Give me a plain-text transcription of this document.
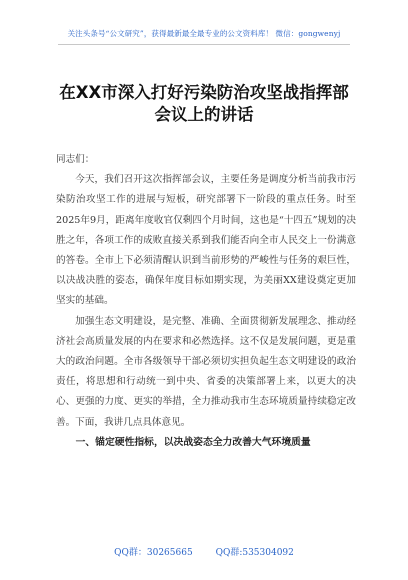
关注头条号“公文研究”，获得最新最全最专业的公文资料库！ 微信：gongwenyj
在XX市深入打好污染防治攻坚战指挥部
会议上的讲话

同志们：

今天，我们召开这次指挥部会议，主要任务是调度分析当前我市污染防治攻坚工作的进展与短板，研究部署下一阶段的重点任务。时至2025年9月，距离年度收官仅剩四个月时间，这也是“十四五”规划的决胜之年，各项工作的成败直接关系到我们能否向全市人民交上一份满意的答卷。全市上下必须清醒认识到当前形势的严峻性与任务的艰巨性，以决战决胜的姿态，确保年度目标如期实现，为美丽XX建设奠定更加坚实的基础。

加强生态文明建设，是完整、准确、全面贯彻新发展理念、推动经济社会高质量发展的内在要求和必然选择。这不仅是发展问题，更是重大的政治问题。全市各级领导干部必须切实担负起生态文明建设的政治责任，将思想和行动统一到中央、省委的决策部署上来，以更大的决心、更强的力度、更实的举措，全力推动我市生态环境质量持续稳定改善。下面，我讲几点具体意见。

一、锚定硬性指标，以决战姿态全力改善大气环境质量

QQ群：30265665	QQ群:535304092
